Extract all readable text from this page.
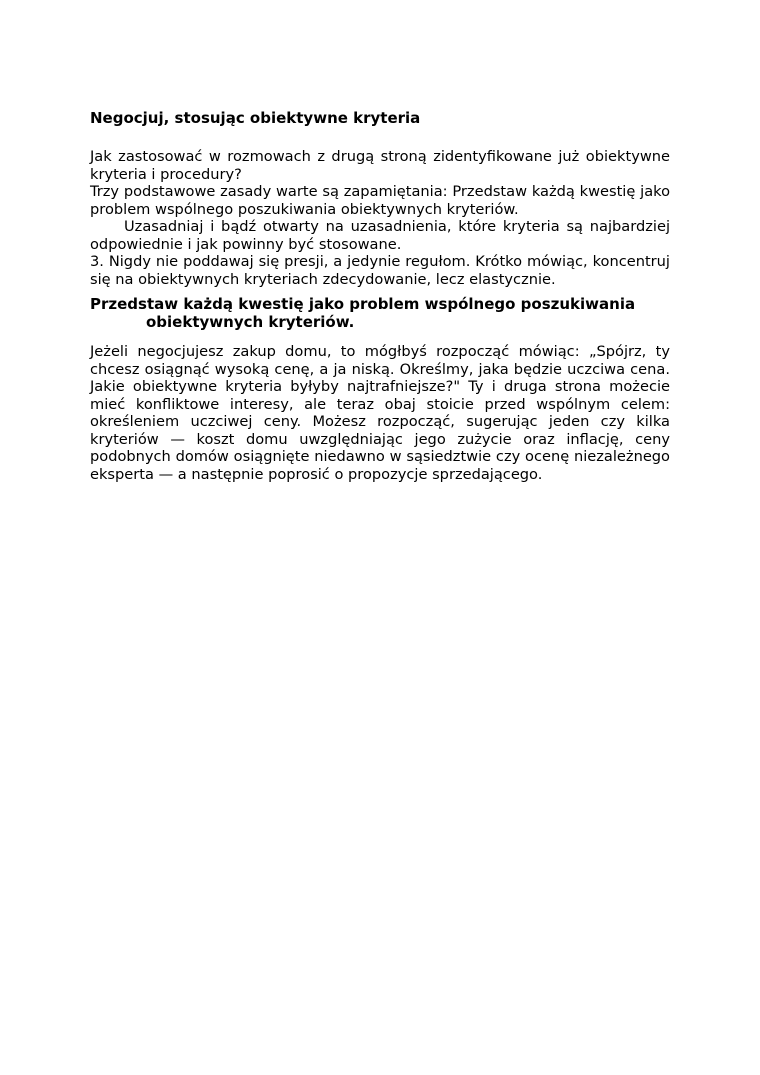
Negocjuj, stosując obiektywne kryteria

Jak zastosować w rozmowach z drugą stroną zidentyfikowane już obiektywne kryteria i procedury?

Trzy podstawowe zasady warte są zapamiętania: Przedstaw każdą kwestię jako problem wspólnego poszukiwania obiektywnych kryteriów.

Uzasadniaj i bądź otwarty na uzasadnienia, które kryteria są najbardziej odpowiednie i jak powinny być stosowane.

3. Nigdy nie poddawaj się presji, a jedynie regułom. Krótko mówiąc, koncentruj się na obiektywnych kryteriach zdecydowanie, lecz elastycznie.

Przedstaw każdą kwestię jako problem wspólnego poszukiwania
obiektywnych kryteriów.

Jeżeli negocjujesz zakup domu, to mógłbyś rozpocząć mówiąc: „Spójrz, ty chcesz osiągnąć wysoką cenę, a ja niską. Określmy, jaka będzie uczciwa cena. Jakie obiektywne kryteria byłyby najtrafniejsze?" Ty i druga strona możecie mieć konfliktowe interesy, ale teraz obaj stoicie przed wspólnym celem: określeniem uczciwej ceny. Możesz rozpocząć, sugerując jeden czy kilka kryteriów — koszt domu uwzględniając jego zużycie oraz inflację, ceny podobnych domów osiągnięte niedawno w sąsiedztwie czy ocenę niezależnego eksperta — a następnie poprosić o propozycje sprzedającego.
